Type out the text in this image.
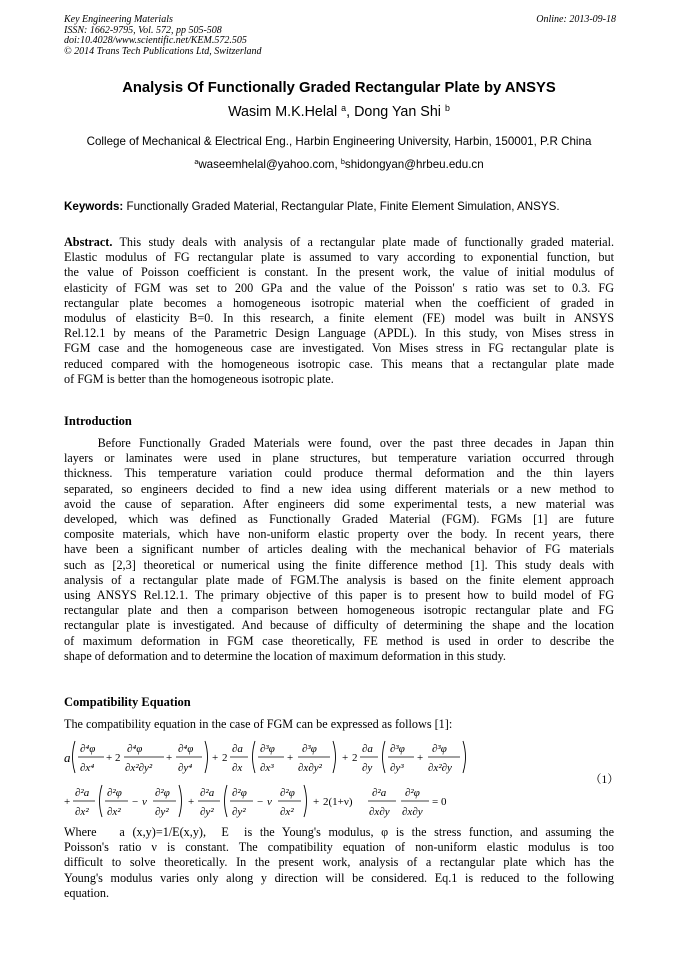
Key Engineering Materials
ISSN: 1662-9795, Vol. 572, pp 505-508
doi:10.4028/www.scientific.net/KEM.572.505
© 2014 Trans Tech Publications Ltd, Switzerland
Online: 2013-09-18
Analysis Of Functionally Graded Rectangular Plate by ANSYS
Wasim M.K.Helal $^a$, Dong Yan Shi $^b$
College of Mechanical & Electrical Eng., Harbin Engineering University, Harbin, 150001, P.R China
$^a$waseemhelal@yahoo.com, $^b$shidongyan@hrbeu.edu.cn
Keywords: Functionally Graded Material, Rectangular Plate, Finite Element Simulation, ANSYS.
Abstract. This study deals with analysis of a rectangular plate made of functionally graded material.
Elastic modulus of FG rectangular plate is assumed to vary according to exponential function, but
the value of Poisson coefficient is constant. In the present work, the value of initial modulus of
elasticity of FGM was set to 200 GPa and the value of the Poisson' s ratio was set to 0.3. FG
rectangular plate becomes a homogeneous isotropic material when the coefficient of graded in
modulus of elasticity B=0. In this research, a finite element (FE) model was built in ANSYS
Rel.12.1 by means of the Parametric Design Language (APDL). In this study, von Mises stress in
FGM case and the homogeneous case are investigated. Von Mises stress in FG rectangular plate is
reduced compared with the homogeneous isotropic case. This means that a rectangular plate made
of FGM is better than the homogeneous isotropic plate.
Introduction
Before Functionally Graded Materials were found, over the past three decades in Japan thin
layers or laminates were used in plane structures, but temperature variation occurred through
thickness. This temperature variation could produce thermal deformation and the thin layers
separated, so engineers decided to find a new idea using different materials or a new method to
avoid the cause of separation. After engineers did some experimental tests, a new material was
developed, which was defined as Functionally Graded Material (FGM). FGMs [1] are future
composite materials, which have non-uniform elastic property over the body. In recent years, there
have been a significant number of articles dealing with the mechanical behavior of FG materials
such as [2,3] theoretical or numerical using the finite difference method [1]. This study deals with
analysis of a rectangular plate made of FGM.The analysis is based on the finite element approach
using ANSYS Rel.12.1. The primary objective of this paper is to present how to build model of FG
rectangular plate and then a comparison between homogeneous isotropic rectangular plate and FG
rectangular plate is investigated. And because of difficulty of determining the shape and the location
of maximum deformation in FGM case theoretically, FE method is used in order to describe the
shape of deformation and to determine the location of maximum deformation in this study.
Compatibility Equation
The compatibility equation in the case of FGM can be expressed as follows [1]:
a
∂⁴φ
∂x⁴
+ 2
∂⁴φ
∂x²∂y²
+
∂⁴φ
∂y⁴
+ 2
∂a
∂x
∂³φ
∂x³
+
∂³φ
∂x∂y²
+ 2
∂a
∂y
∂³φ
∂y³
+
∂³φ
∂x²∂y
+
∂²a
∂x²
∂²φ
∂x²
− ν
∂²φ
∂y²
+
∂²a
∂y²
∂²φ
∂y²
− ν
∂²φ
∂x²
+ 2(1+ν)
∂²a
∂x∂y
∂²φ
∂x∂y
= 0
（1）
Where   a (x,y)=1/E(x,y),  E  is the Young's modulus, φ is the stress function, and assuming the
Poisson's ratio ν is constant. The compatibility equation of non-uniform elastic modulus is too
difficult to solve theoretically. In the present work, analysis of a rectangular plate which has the
Young's modulus varies only along y direction will be considered. Eq.1 is reduced to the following
equation.
